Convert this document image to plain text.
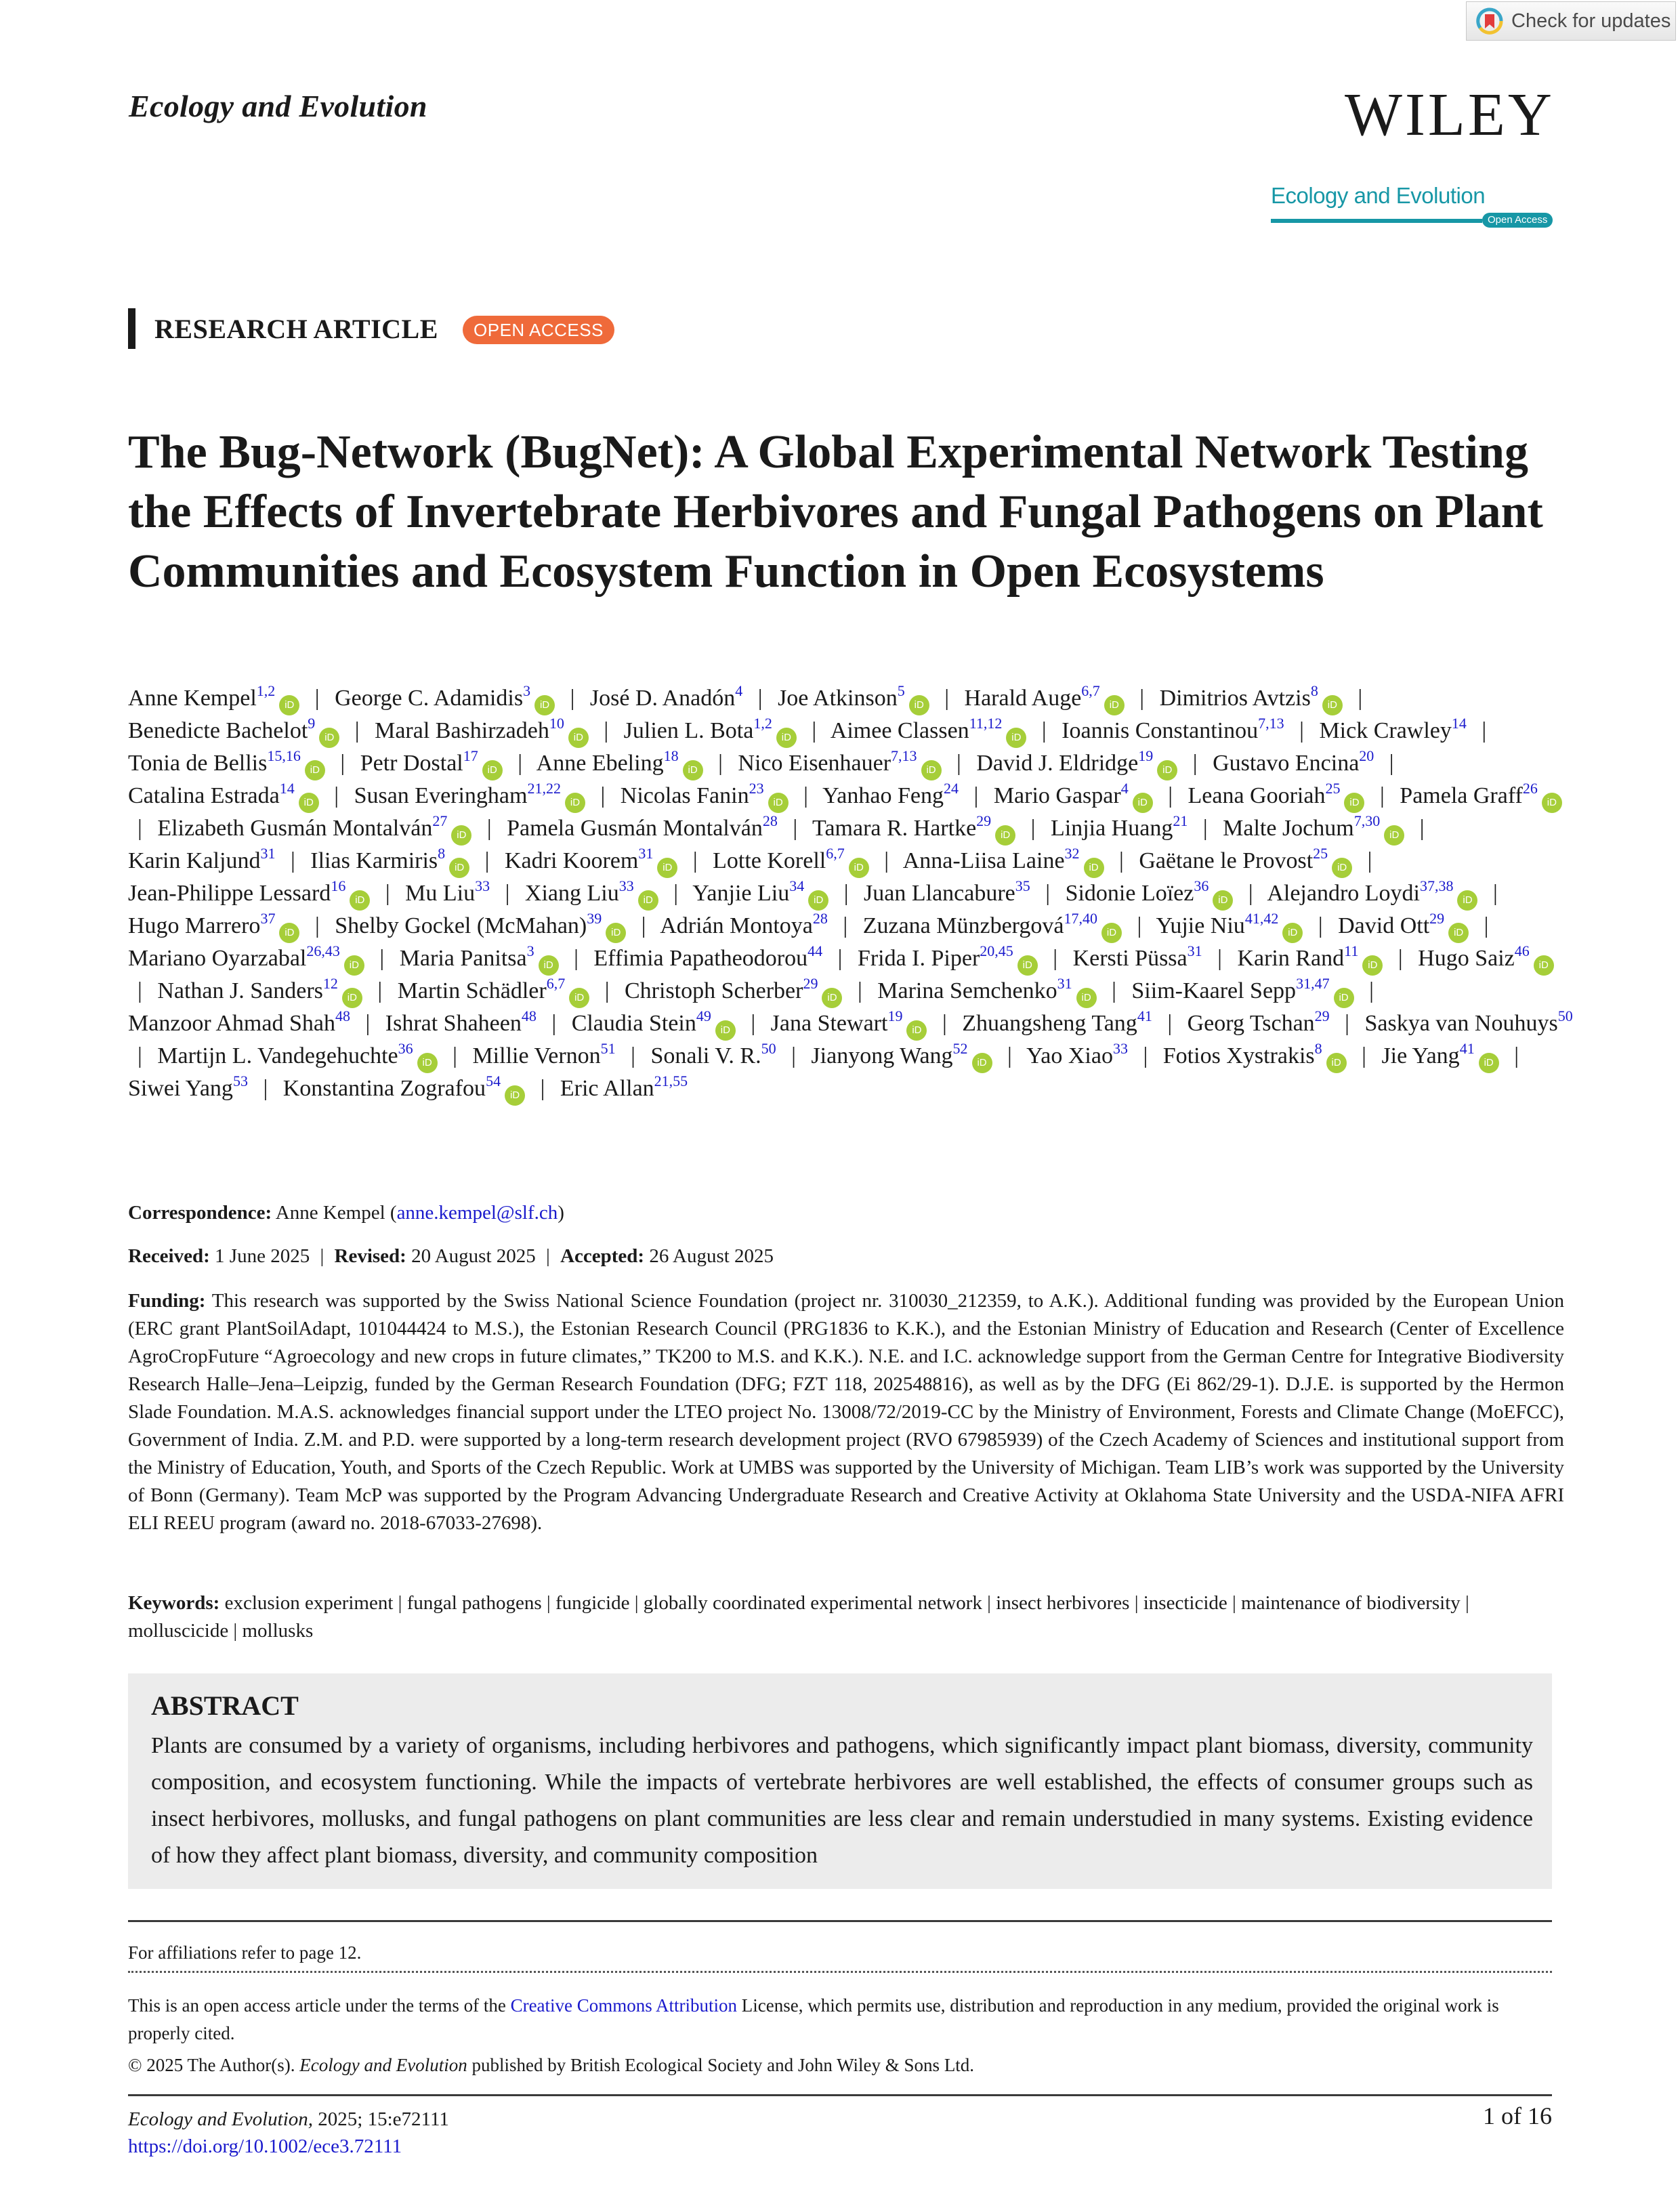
Check for updates
Ecology and Evolution	WILEY
Ecology and Evolution
Open Access
RESEARCH ARTICLE	OPEN ACCESS
The Bug-Network (BugNet): A Global Experimental Network Testing the Effects of Invertebrate Herbivores and Fungal Pathogens on Plant Communities and Ecosystem Function in Open Ecosystems
Anne Kempel$^{1,2}$iD | George C. Adamidis$^3$iD | José D. Anadón$^4$ | Joe Atkinson$^5$iD | Harald Auge$^{6,7}$iD | Dimitrios Avtzis$^8$iD | Benedicte Bachelot$^9$iD | Maral Bashirzadeh$^{10}$iD | Julien L. Bota$^{1,2}$iD | Aimee Classen$^{11,12}$iD | Ioannis Constantinou$^{7,13}$ | Mick Crawley$^{14}$ | Tonia de Bellis$^{15,16}$iD | Petr Dostal$^{17}$iD | Anne Ebeling$^{18}$iD | Nico Eisenhauer$^{7,13}$iD | David J. Eldridge$^{19}$iD | Gustavo Encina$^{20}$ | Catalina Estrada$^{14}$iD | Susan Everingham$^{21,22}$iD | Nicolas Fanin$^{23}$iD | Yanhao Feng$^{24}$ | Mario Gaspar$^4$iD | Leana Gooriah$^{25}$iD | Pamela Graff$^{26}$iD | Elizabeth Gusmán Montalván$^{27}$iD | Pamela Gusmán Montalván$^{28}$ | Tamara R. Hartke$^{29}$iD | Linjia Huang$^{21}$ | Malte Jochum$^{7,30}$iD | Karin Kaljund$^{31}$ | Ilias Karmiris$^8$iD | Kadri Koorem$^{31}$iD | Lotte Korell$^{6,7}$iD | Anna-Liisa Laine$^{32}$iD | Gaëtane le Provost$^{25}$iD | Jean-Philippe Lessard$^{16}$iD | Mu Liu$^{33}$ | Xiang Liu$^{33}$iD | Yanjie Liu$^{34}$iD | Juan Llancabure$^{35}$ | Sidonie Loïez$^{36}$iD | Alejandro Loydi$^{37,38}$iD | Hugo Marrero$^{37}$iD | Shelby Gockel (McMahan)$^{39}$iD | Adrián Montoya$^{28}$ | Zuzana Münzbergová$^{17,40}$iD | Yujie Niu$^{41,42}$iD | David Ott$^{29}$iD | Mariano Oyarzabal$^{26,43}$iD | Maria Panitsa$^3$iD | Effimia Papatheodorou$^{44}$ | Frida I. Piper$^{20,45}$iD | Kersti Püssa$^{31}$ | Karin Rand$^{11}$iD | Hugo Saiz$^{46}$iD | Nathan J. Sanders$^{12}$iD | Martin Schädler$^{6,7}$iD | Christoph Scherber$^{29}$iD | Marina Semchenko$^{31}$iD | Siim-Kaarel Sepp$^{31,47}$iD | Manzoor Ahmad Shah$^{48}$ | Ishrat Shaheen$^{48}$ | Claudia Stein$^{49}$iD | Jana Stewart$^{19}$iD | Zhuangsheng Tang$^{41}$ | Georg Tschan$^{29}$ | Saskya van Nouhuys$^{50}$ | Martijn L. Vandegehuchte$^{36}$iD | Millie Vernon$^{51}$ | Sonali V. R.$^{50}$ | Jianyong Wang$^{52}$iD | Yao Xiao$^{33}$ | Fotios Xystrakis$^8$iD | Jie Yang$^{41}$iD | Siwei Yang$^{53}$ | Konstantina Zografou$^{54}$iD | Eric Allan$^{21,55}$
Correspondence: Anne Kempel (anne.kempel@slf.ch)
Received: 1 June 2025 | Revised: 20 August 2025 | Accepted: 26 August 2025
Funding: This research was supported by the Swiss National Science Foundation (project nr. 310030_212359, to A.K.). Additional funding was provided by the European Union (ERC grant PlantSoilAdapt, 101044424 to M.S.), the Estonian Research Council (PRG1836 to K.K.), and the Estonian Ministry of Education and Research (Center of Excellence AgroCropFuture “Agroecology and new crops in future climates,” TK200 to M.S. and K.K.). N.E. and I.C. acknowledge support from the German Centre for Integrative Biodiversity Research Halle–Jena–Leipzig, funded by the German Research Foundation (DFG; FZT 118, 202548816), as well as by the DFG (Ei 862/29-1). D.J.E. is supported by the Hermon Slade Foundation. M.A.S. acknowledges financial support under the LTEO project No. 13008/72/2019-CC by the Ministry of Environment, Forests and Climate Change (MoEFCC), Government of India. Z.M. and P.D. were supported by a long-term research development project (RVO 67985939) of the Czech Academy of Sciences and institutional support from the Ministry of Education, Youth, and Sports of the Czech Republic. Work at UMBS was supported by the University of Michigan. Team LIB’s work was supported by the University of Bonn (Germany). Team McP was supported by the Program Advancing Undergraduate Research and Creative Activity at Oklahoma State University and the USDA-NIFA AFRI ELI REEU program (award no. 2018-67033-27698).
Keywords: exclusion experiment | fungal pathogens | fungicide | globally coordinated experimental network | insect herbivores | insecticide | maintenance of biodiversity | molluscicide | mollusks
ABSTRACT
Plants are consumed by a variety of organisms, including herbivores and pathogens, which significantly impact plant biomass, diversity, community composition, and ecosystem functioning. While the impacts of vertebrate herbivores are well established, the effects of consumer groups such as insect herbivores, mollusks, and fungal pathogens on plant communities are less clear and remain understudied in many systems. Existing evidence of how they affect plant biomass, diversity, and community composition
For affiliations refer to page 12.
This is an open access article under the terms of the Creative Commons Attribution License, which permits use, distribution and reproduction in any medium, provided the original work is properly cited.
© 2025 The Author(s). Ecology and Evolution published by British Ecological Society and John Wiley & Sons Ltd.
Ecology and Evolution, 2025; 15:e72111
https://doi.org/10.1002/ece3.72111
1 of 16
